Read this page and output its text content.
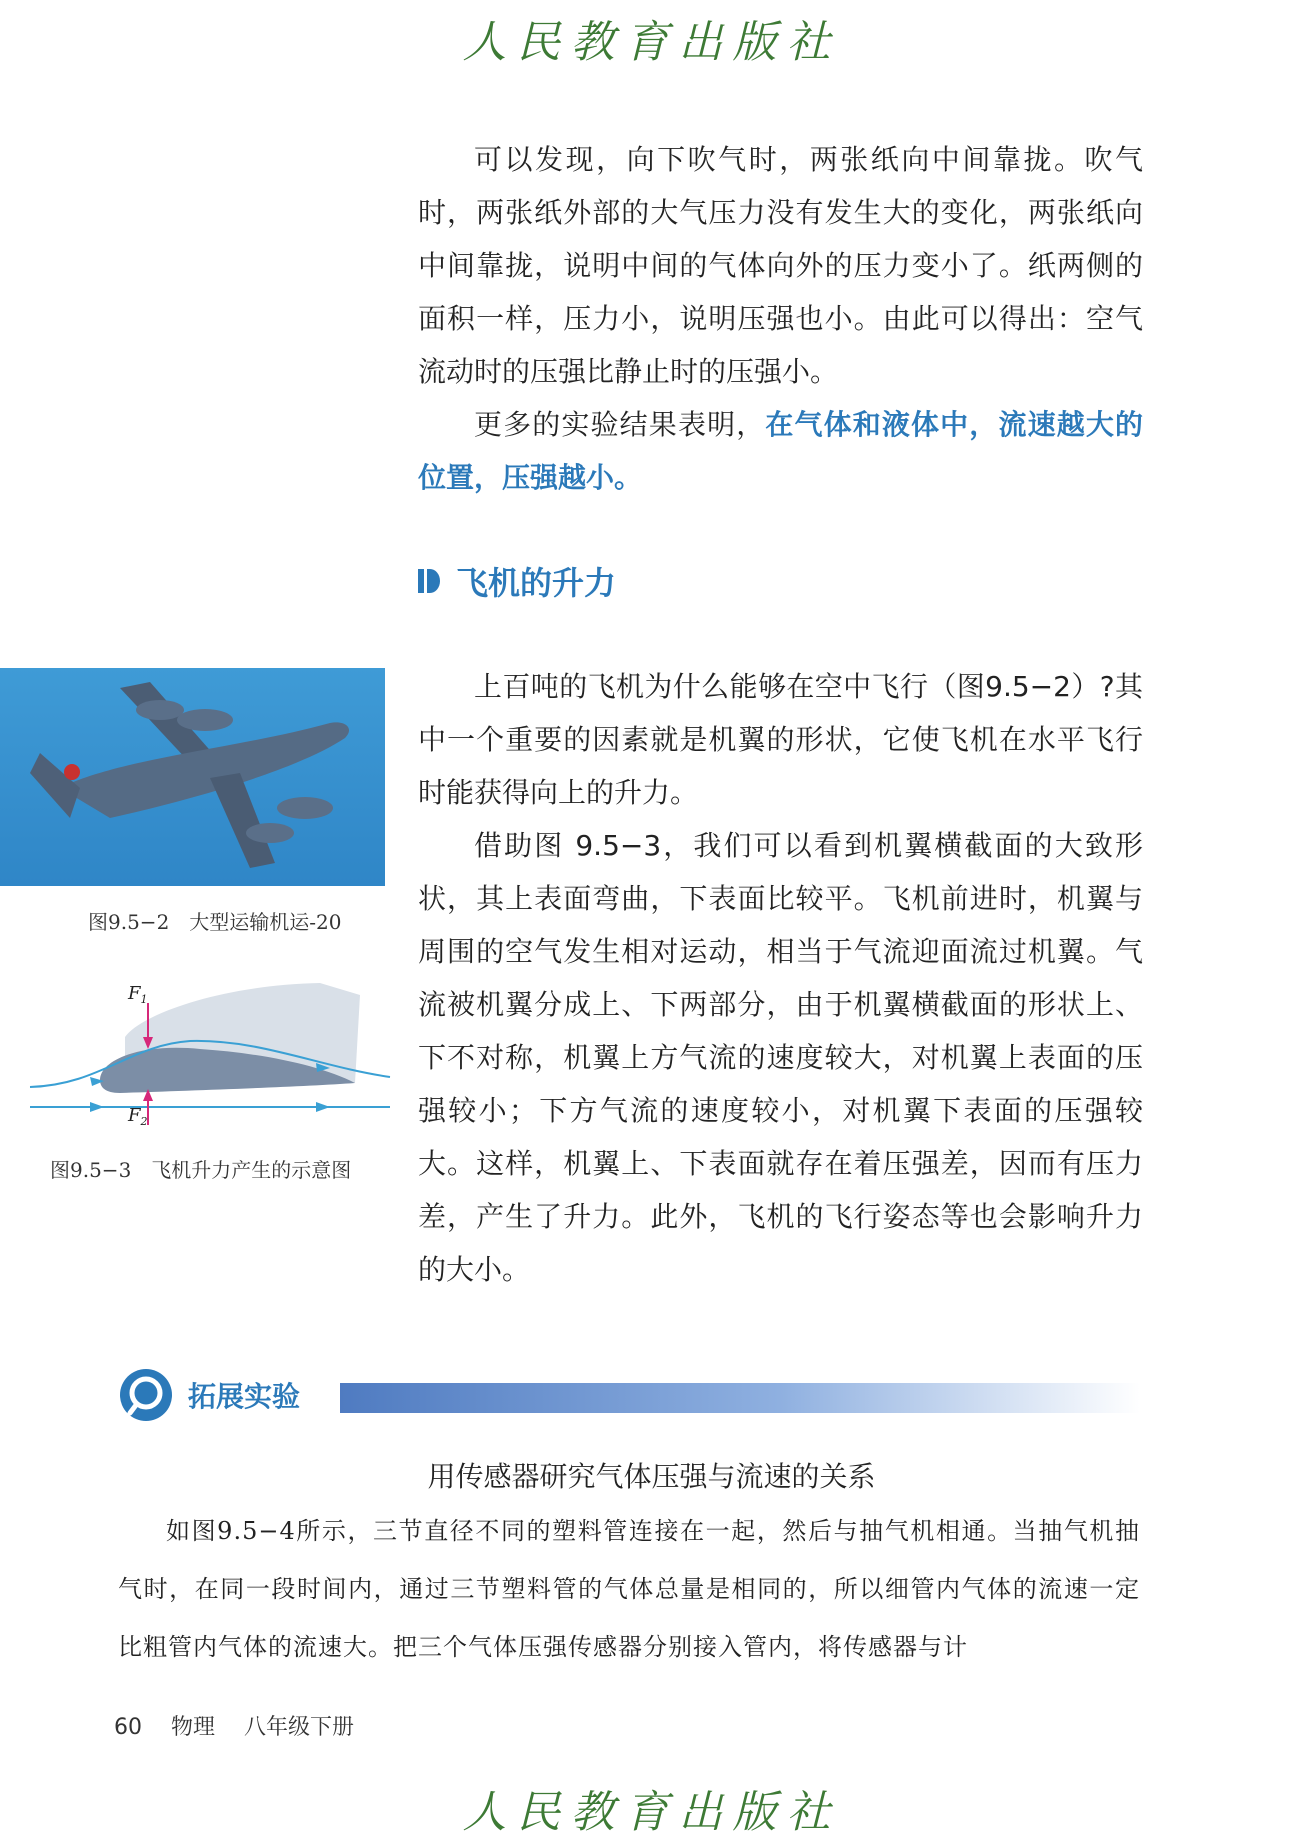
人民教育出版社

可以发现，向下吹气时，两张纸向中间靠拢。吹气时，两张纸外部的大气压力没有发生大的变化，两张纸向中间靠拢，说明中间的气体向外的压力变小了。纸两侧的面积一样，压力小，说明压强也小。由此可以得出：空气流动时的压强比静止时的压强小。

更多的实验结果表明，在气体和液体中，流速越大的位置，压强越小。

飞机的升力
图9.5−2　大型运输机运-20
$F_1$
$F_2$
图9.5−3　飞机升力产生的示意图

上百吨的飞机为什么能够在空中飞行（图9.5−2）?其中一个重要的因素就是机翼的形状，它使飞机在水平飞行时能获得向上的升力。

借助图 9.5−3，我们可以看到机翼横截面的大致形状，其上表面弯曲，下表面比较平。飞机前进时，机翼与周围的空气发生相对运动，相当于气流迎面流过机翼。气流被机翼分成上、下两部分，由于机翼横截面的形状上、下不对称，机翼上方气流的速度较大，对机翼上表面的压强较小；下方气流的速度较小，对机翼下表面的压强较大。这样，机翼上、下表面就存在着压强差，因而有压力差，产生了升力。此外，飞机的飞行姿态等也会影响升力的大小。

拓展实验
用传感器研究气体压强与流速的关系
如图9.5−4所示，三节直径不同的塑料管连接在一起，然后与抽气机相通。当抽气机抽气时，在同一段时间内，通过三节塑料管的气体总量是相同的，所以细管内气体的流速一定比粗管内气体的流速大。把三个气体压强传感器分别接入管内，将传感器与计
60 物理 八年级下册
人民教育出版社
